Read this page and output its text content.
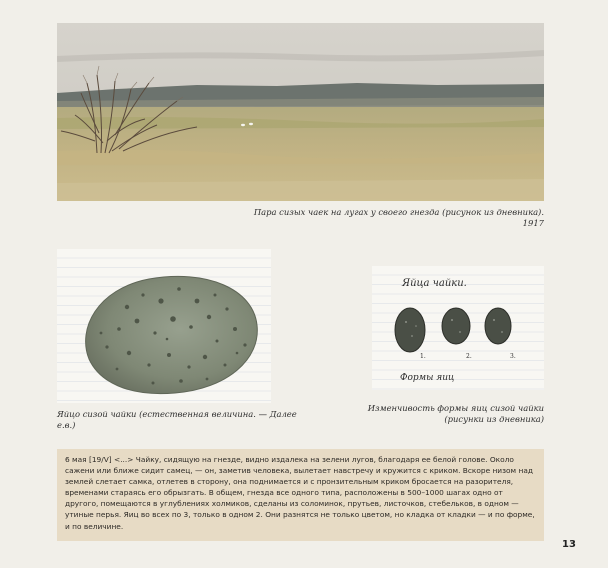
Пара сизых чаек на лугах у своего гнезда (рисунок из дневника). 1917
Яйцо сизой чайки (естественная величина. — Далее е.в.)
Яйца чайки.
1.	2.	3.
Формы яиц
Изменчивость формы яиц сизой чайки
(рисунки из дневника)

6 мая [19/V] <...> Чайку, сидящую на гнезде, видно издалека на зелени лугов, благодаря ее белой голове. Около сажени или ближе сидит самец, — он, заметив человека, вылетает навстречу и кружится с криком. Вскоре низом над землей слетает самка, отлетев в сторону, она поднимается и с пронзительным криком бросается на разорителя, временами стараясь его обрызгать. В общем, гнезда все одного типа, расположены в 500–1000 шагах одно от другого, помещаются в углублениях холмиков, сделаны из соломинок, прутьев, листочков, стебельков, в одном — утиные перья. Яиц во всех по 3, только в одном 2. Они разнятся не только цветом, но кладка от кладки — и по форме, и по величине.

13
